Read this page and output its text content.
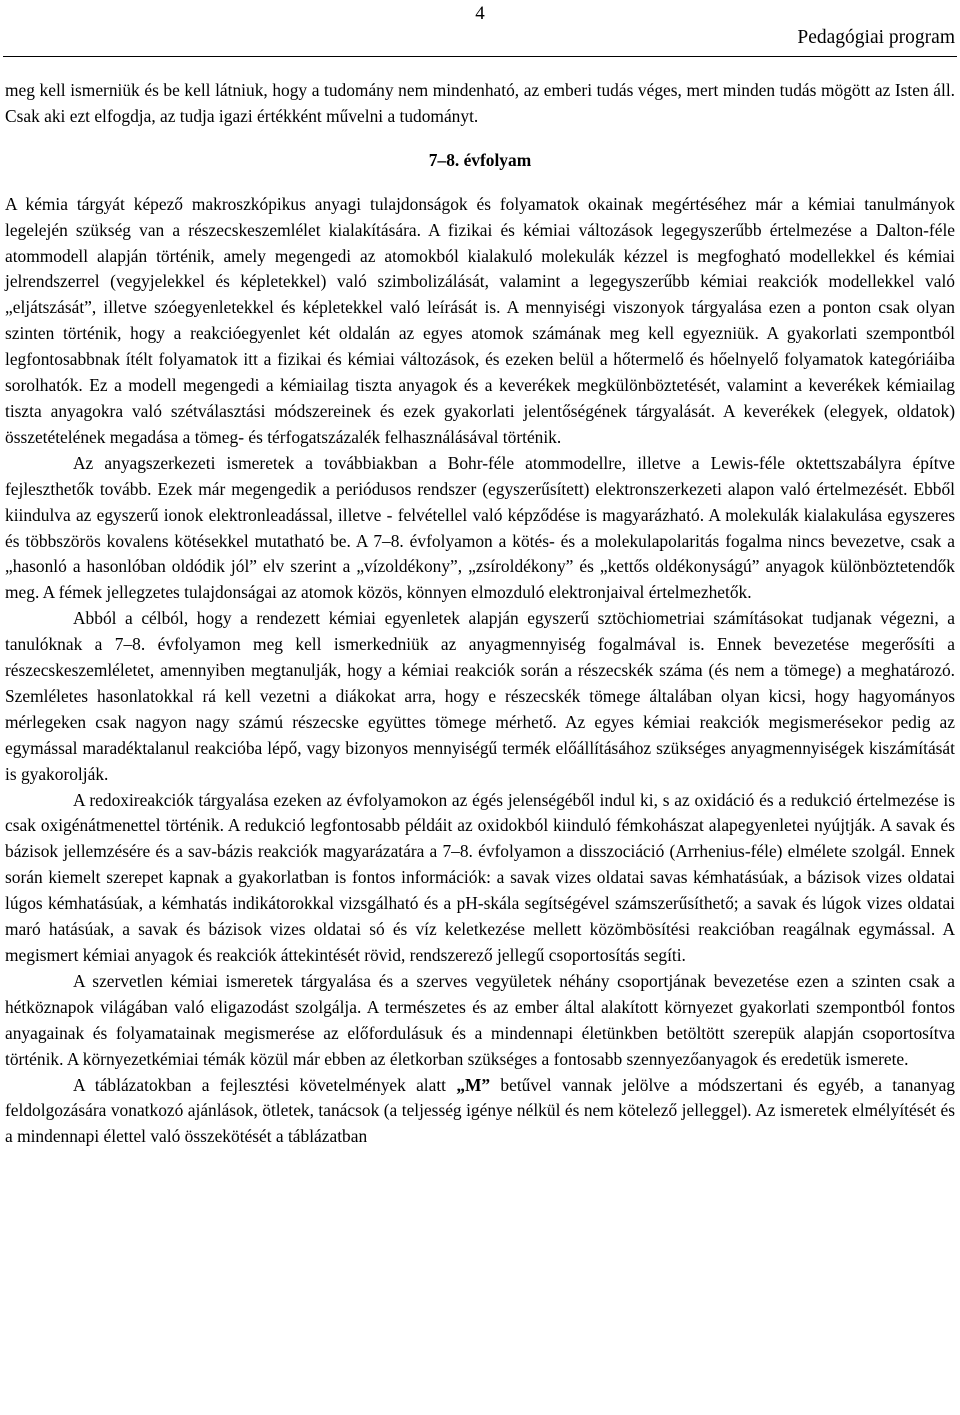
4
Pedagógiai program

meg kell ismerniük és be kell látniuk, hogy a tudomány nem mindenható, az emberi tudás véges, mert minden tudás mögött az Isten áll. Csak aki ezt elfogdja, az tudja igazi értékként művelni a tudományt.

7–8. évfolyam

A kémia tárgyát képező makroszkópikus anyagi tulajdonságok és folyamatok okainak megértéséhez már a kémiai tanulmányok legelején szükség van a részecskeszemlélet kialakítására. A fizikai és kémiai változások legegyszerűbb értelmezése a Dalton-féle atommodell alapján történik, amely megengedi az atomokból kialakuló molekulák kézzel is megfogható modellekkel és kémiai jelrendszerrel (vegyjelekkel és képletekkel) való szimbolizálását, valamint a legegyszerűbb kémiai reakciók modellekkel való „eljátszását”, illetve szóegyenletekkel és képletekkel való leírását is. A mennyiségi viszonyok tárgyalása ezen a ponton csak olyan szinten történik, hogy a reakcióegyenlet két oldalán az egyes atomok számának meg kell egyezniük. A gyakorlati szempontból legfontosabbnak ítélt folyamatok itt a fizikai és kémiai változások, és ezeken belül a hőtermelő és hőelnyelő folyamatok kategóriáiba sorolhatók. Ez a modell megengedi a kémiailag tiszta anyagok és a keverékek megkülönböztetését, valamint a keverékek kémiailag tiszta anyagokra való szétválasztási módszereinek és ezek gyakorlati jelentőségének tárgyalását. A keverékek (elegyek, oldatok) összetételének megadása a tömeg- és térfogatszázalék felhasználásával történik.

Az anyagszerkezeti ismeretek a továbbiakban a Bohr-féle atommodellre, illetve a Lewis-féle oktettszabályra építve fejleszthetők tovább. Ezek már megengedik a periódusos rendszer (egyszerűsített) elektronszerkezeti alapon való értelmezését. Ebből kiindulva az egyszerű ionok elektronleadással, illetve - felvétellel való képződése is magyarázható. A molekulák kialakulása egyszeres és többszörös kovalens kötésekkel mutatható be. A 7–8. évfolyamon a kötés- és a molekulapolaritás fogalma nincs bevezetve, csak a „hasonló a hasonlóban oldódik jól” elv szerint a „vízoldékony”, „zsíroldékony” és „kettős oldékonyságú” anyagok különböztetendők meg. A fémek jellegzetes tulajdonságai az atomok közös, könnyen elmozduló elektronjaival értelmezhetők.

Abból a célból, hogy a rendezett kémiai egyenletek alapján egyszerű sztöchiometriai számításokat tudjanak végezni, a tanulóknak a 7–8. évfolyamon meg kell ismerkedniük az anyagmennyiség fogalmával is. Ennek bevezetése megerősíti a részecskeszemléletet, amennyiben megtanulják, hogy a kémiai reakciók során a részecskék száma (és nem a tömege) a meghatározó. Szemléletes hasonlatokkal rá kell vezetni a diákokat arra, hogy e részecskék tömege általában olyan kicsi, hogy hagyományos mérlegeken csak nagyon nagy számú részecske együttes tömege mérhető. Az egyes kémiai reakciók megismerésekor pedig az egymással maradéktalanul reakcióba lépő, vagy bizonyos mennyiségű termék előállításához szükséges anyagmennyiségek kiszámítását is gyakorolják.

A redoxireakciók tárgyalása ezeken az évfolyamokon az égés jelenségéből indul ki, s az oxidáció és a redukció értelmezése is csak oxigénátmenettel történik. A redukció legfontosabb példáit az oxidokból kiinduló fémkohászat alapegyenletei nyújtják. A savak és bázisok jellemzésére és a sav-bázis reakciók magyarázatára a 7–8. évfolyamon a disszociáció (Arrhenius-féle) elmélete szolgál. Ennek során kiemelt szerepet kapnak a gyakorlatban is fontos információk: a savak vizes oldatai savas kémhatásúak, a bázisok vizes oldatai lúgos kémhatásúak, a kémhatás indikátorokkal vizsgálható és a pH-skála segítségével számszerűsíthető; a savak és lúgok vizes oldatai maró hatásúak, a savak és bázisok vizes oldatai só és víz keletkezése mellett közömbösítési reakcióban reagálnak egymással. A megismert kémiai anyagok és reakciók áttekintését rövid, rendszerező jellegű csoportosítás segíti.

A szervetlen kémiai ismeretek tárgyalása és a szerves vegyületek néhány csoportjának bevezetése ezen a szinten csak a hétköznapok világában való eligazodást szolgálja. A természetes és az ember által alakított környezet gyakorlati szempontból fontos anyagainak és folyamatainak megismerése az előfordulásuk és a mindennapi életünkben betöltött szerepük alapján csoportosítva történik. A környezetkémiai témák közül már ebben az életkorban szükséges a fontosabb szennyezőanyagok és eredetük ismerete.

A táblázatokban a fejlesztési követelmények alatt „M” betűvel vannak jelölve a módszertani és egyéb, a tananyag feldolgozására vonatkozó ajánlások, ötletek, tanácsok (a teljesség igénye nélkül és nem kötelező jelleggel). Az ismeretek elmélyítését és a mindennapi élettel való összekötését a táblázatban
